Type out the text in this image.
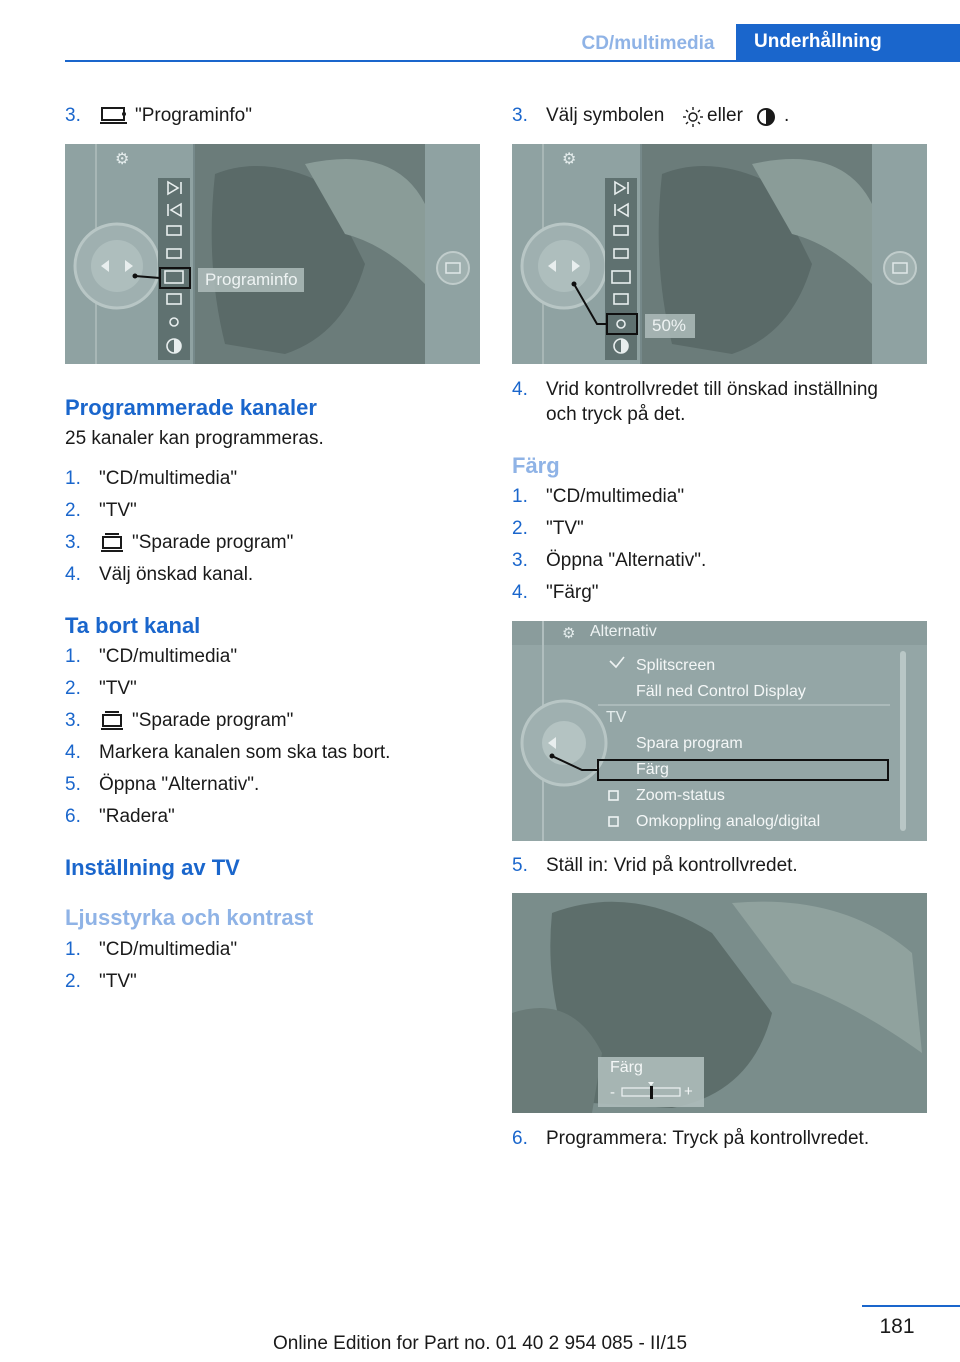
CD/multimedia	Underhållning
3.	"Programinfo"
⚙
Programinfo
Programmerade kanaler
25 kanaler kan programmeras.
1. "CD/multimedia"
2. "TV"
3.	"Sparade program"
4. Välj önskad kanal.
Ta bort kanal
1. "CD/multimedia"
2. "TV"
3.	"Sparade program"
4. Markera kanalen som ska tas bort.
5. Öppna "Alternativ".
6. "Radera"
Inställning av TV
Ljusstyrka och kontrast
1. "CD/multimedia"
2. "TV"
3. Välj symbolen eller .
⚙
50%
4. Vrid kontrollvredet till önskad inställning
och tryck på det.
Färg
1. "CD/multimedia"
2. "TV"
3. Öppna "Alternativ".
4. "Färg"
⚙ Alternativ
Splitscreen
Fäll ned Control Display
TV
Spara program
Färg
Zoom-status
Omkoppling analog/digital
5. Ställ in: Vrid på kontrollvredet.
Färg
-	+
6. Programmera: Tryck på kontrollvredet.
181
Online Edition for Part no. 01 40 2 954 085 - II/15
